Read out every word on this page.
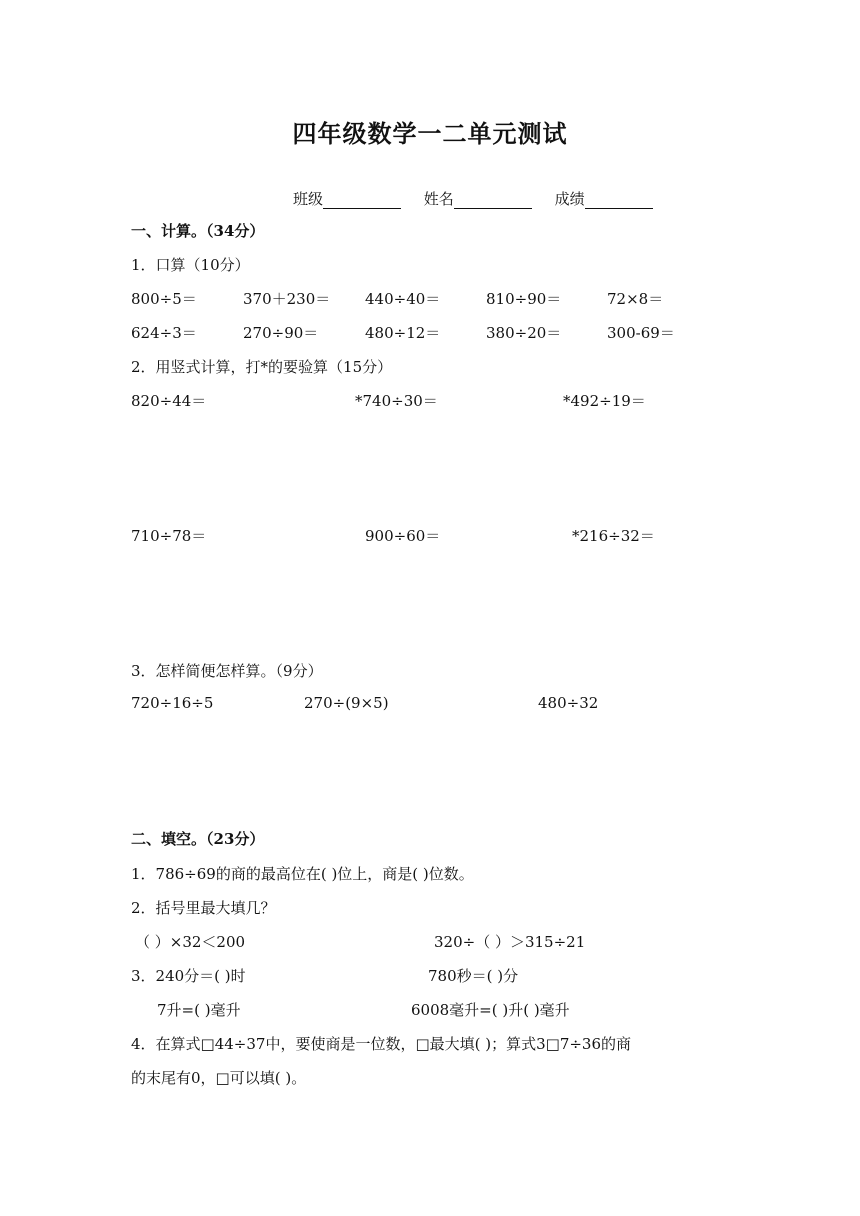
四年级数学一二单元测试
班级	姓名	成绩
一、计算。（34分）
1．口算（10分）
800÷5＝	370＋230＝ 440÷40＝	810÷90＝	72×8＝
624÷3＝	270÷90＝	480÷12＝	380÷20＝	300-69＝
2．用竖式计算，打*的要验算（15分）
820÷44＝	*740÷30＝	*492÷19＝
710÷78＝	900÷60＝	*216÷32＝
3．怎样简便怎样算。（9分）
720÷16÷5	270÷(9×5)	480÷32
二、填空。（23分）
1．786÷69的商的最高位在( )位上，商是( )位数。
2．括号里最大填几？
（ ）×32＜200	320÷（ ）＞315÷21
3．240分＝( )时	780秒＝( )分
7升=( )毫升	6008毫升=( )升( )毫升
4．在算式□44÷37中，要使商是一位数，□最大填( )；算式3□7÷36的商
的末尾有0，□可以填( )。
